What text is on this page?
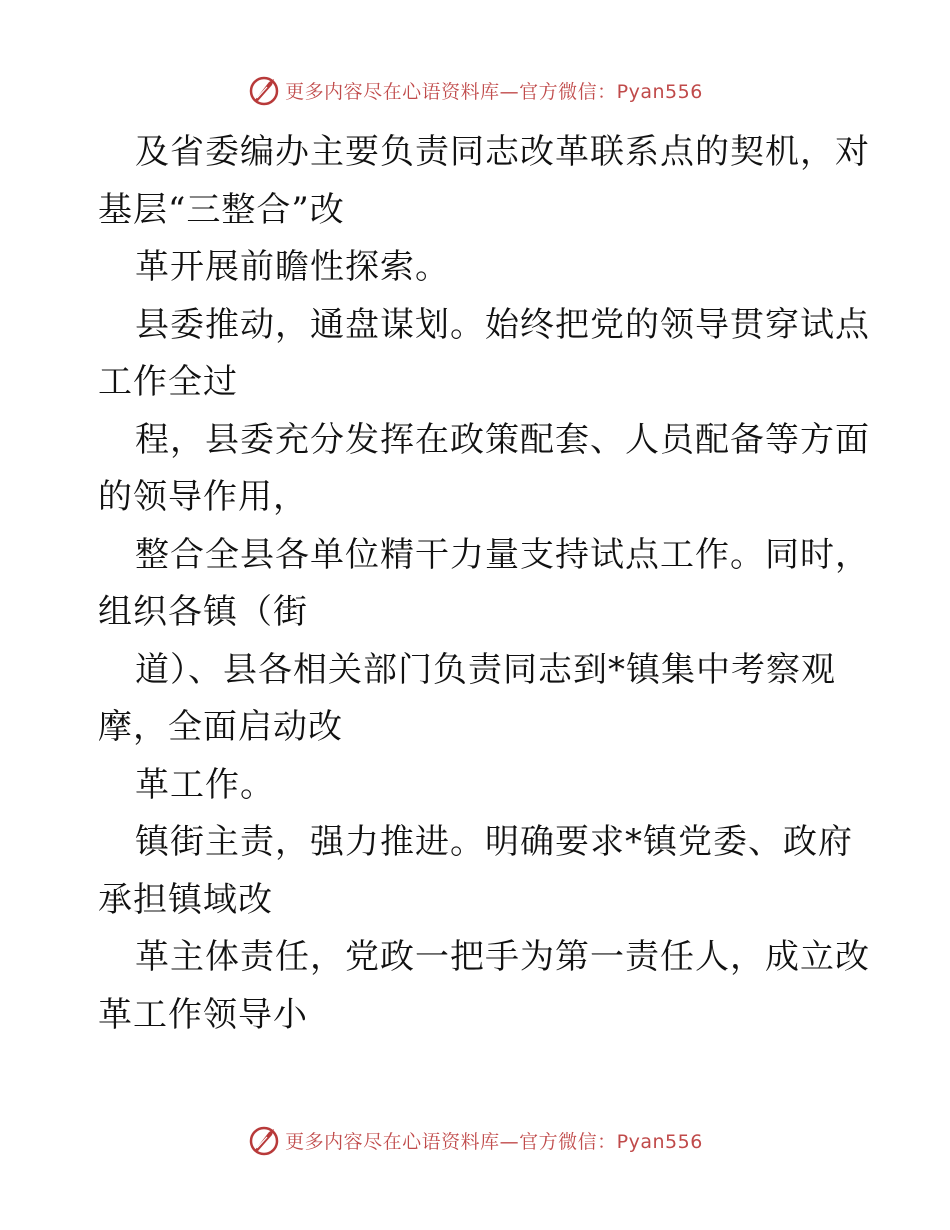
更多内容尽在心语资料库—官方微信：Pyan556
及省委编办主要负责同志改革联系点的契机，对
基层“三整合”改
革开展前瞻性探索。
县委推动，通盘谋划。始终把党的领导贯穿试点
工作全过
程，县委充分发挥在政策配套、人员配备等方面
的领导作用，
整合全县各单位精干力量支持试点工作。同时，
组织各镇（街
道）、县各相关部门负责同志到*镇集中考察观
摩，全面启动改
革工作。
镇街主责，强力推进。明确要求*镇党委、政府
承担镇域改
革主体责任，党政一把手为第一责任人，成立改
革工作领导小
更多内容尽在心语资料库—官方微信：Pyan556
